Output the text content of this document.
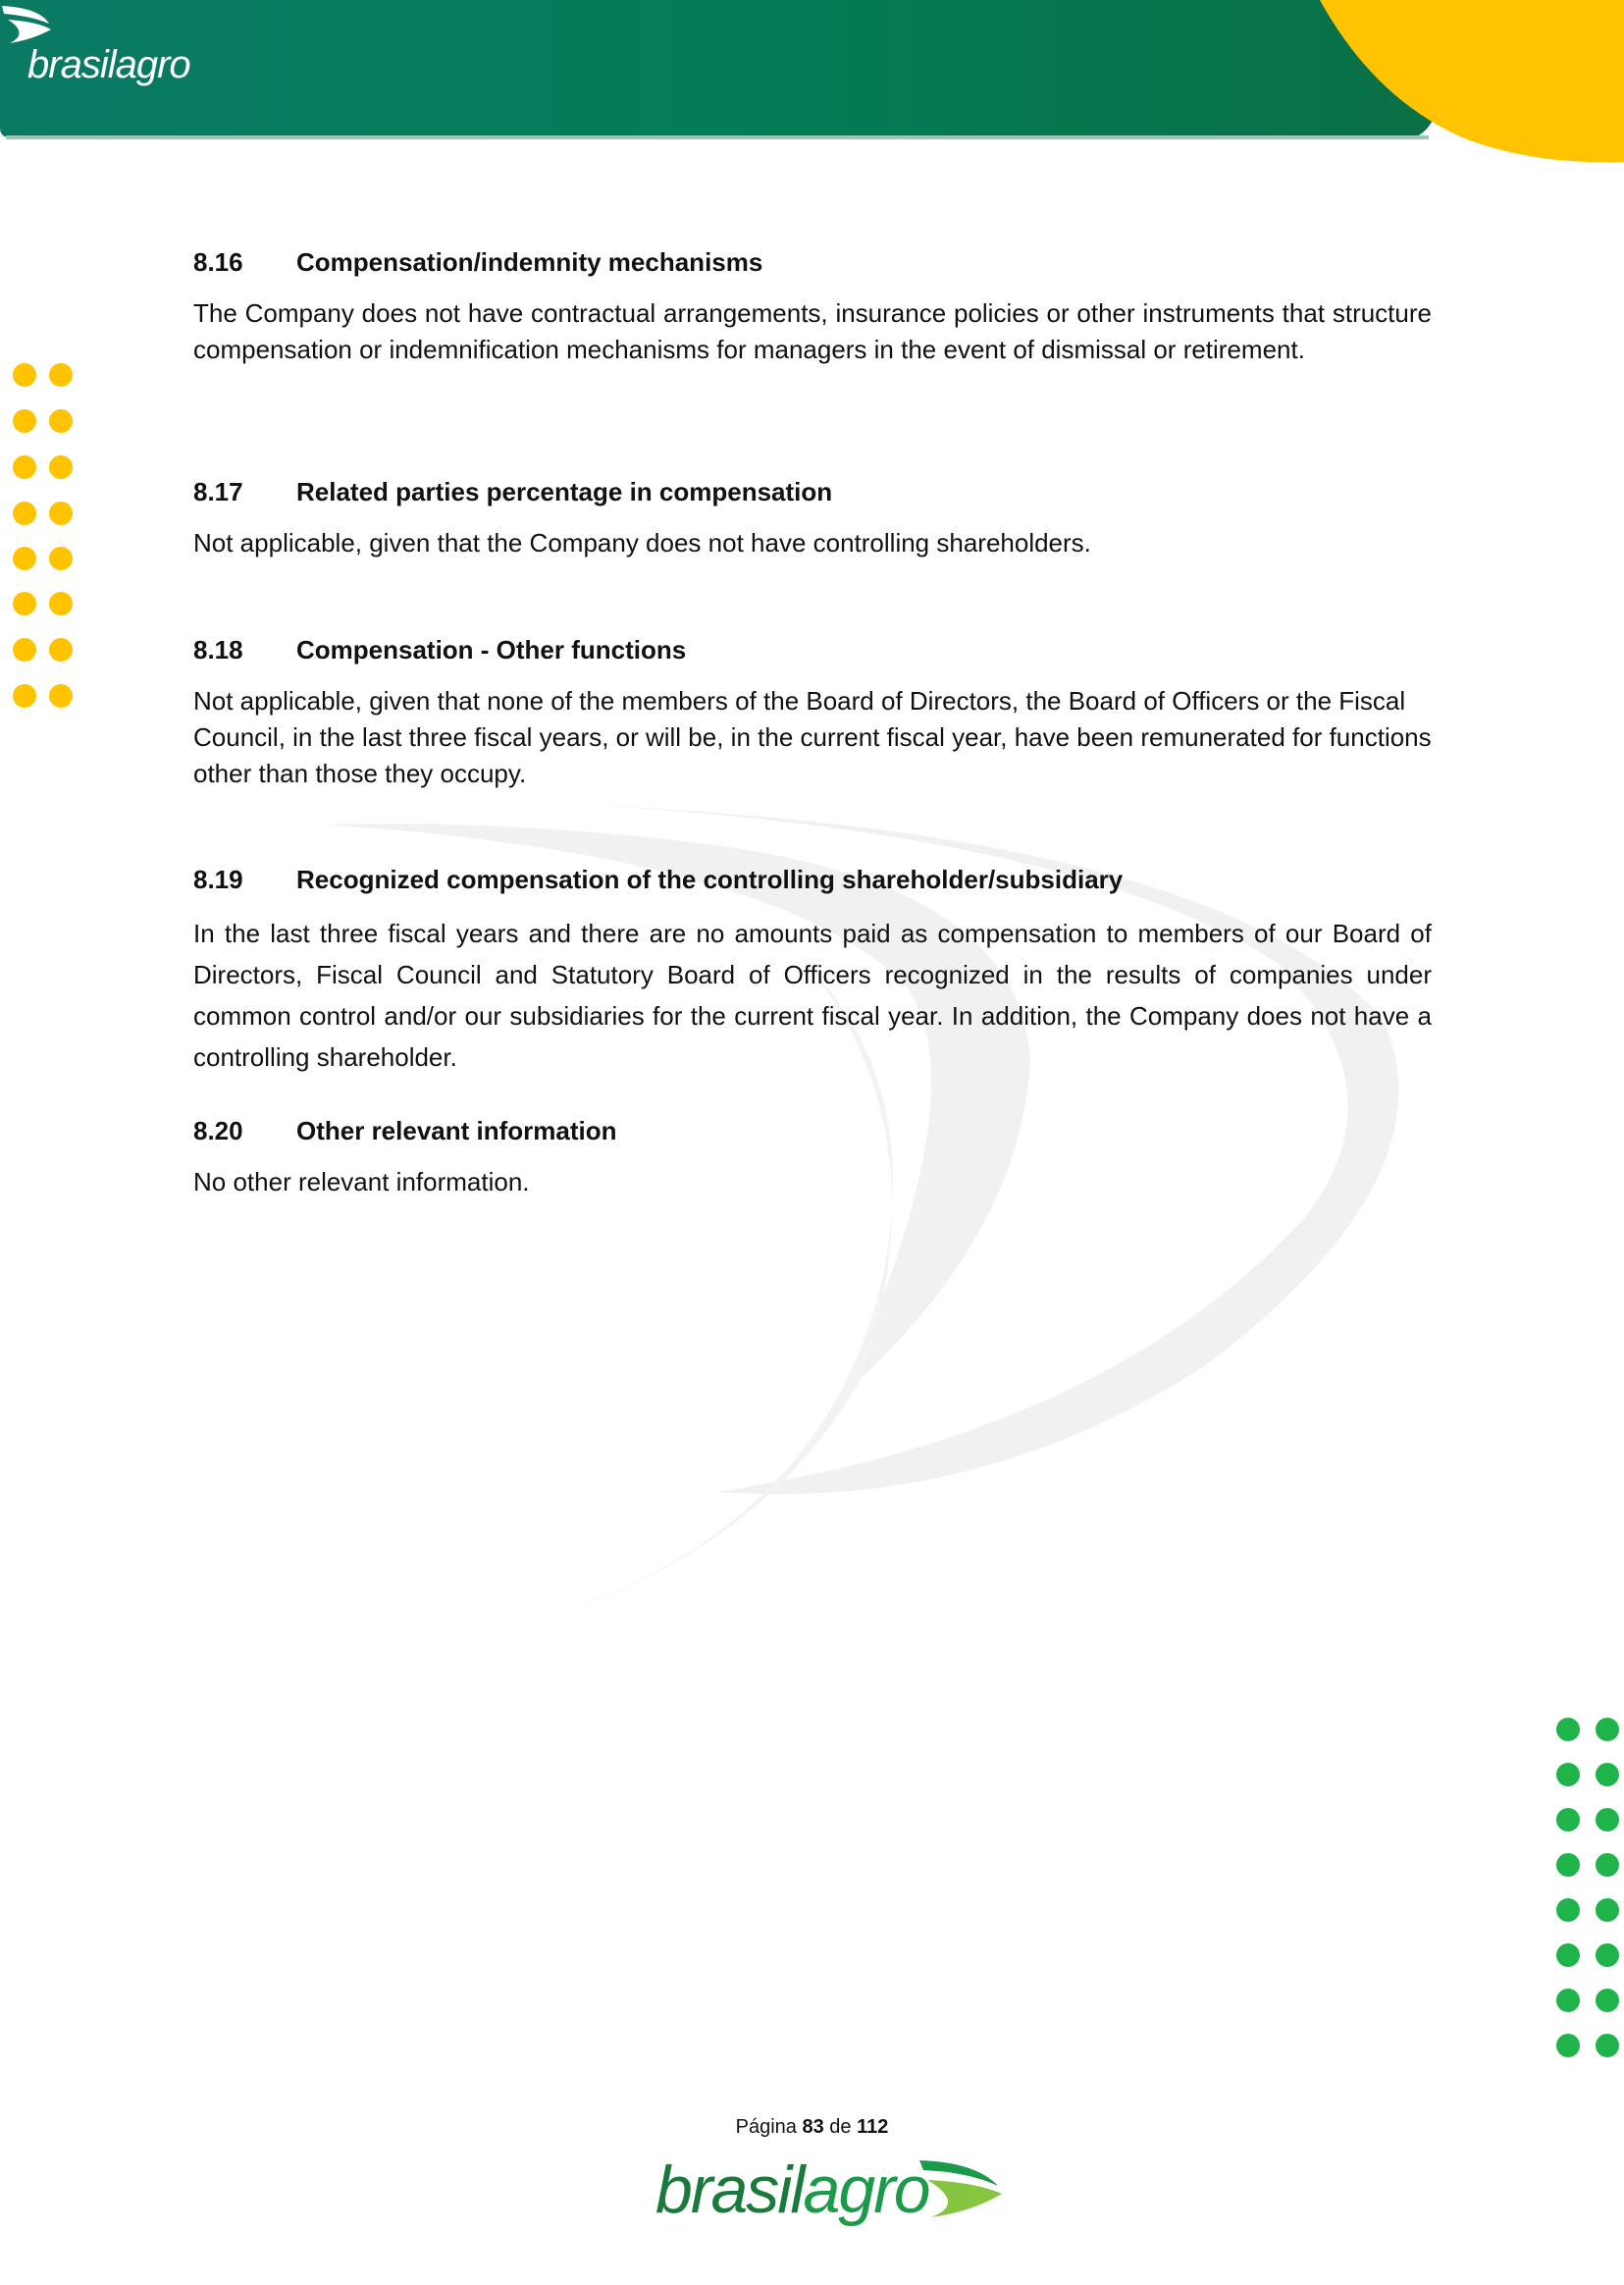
brasilagro
8.16	Compensation/indemnity mechanisms

The Company does not have contractual arrangements, insurance policies or other instruments that structure compensation or indemnification mechanisms for managers in the event of dismissal or retirement.

8.17	Related parties percentage in compensation

Not applicable, given that the Company does not have controlling shareholders.

8.18	Compensation - Other functions

Not applicable, given that none of the members of the Board of Directors, the Board of Officers or the Fiscal Council, in the last three fiscal years, or will be, in the current fiscal year, have been remunerated for functions other than those they occupy.

8.19	Recognized compensation of the controlling shareholder/subsidiary

In the last three fiscal years and there are no amounts paid as compensation to members of our Board of Directors, Fiscal Council and Statutory Board of Officers recognized in the results of companies under common control and/or our subsidiaries for the current fiscal year. In addition, the Company does not have a controlling shareholder.

8.20	Other relevant information

No other relevant information.

Página 83 de 112
brasilagro
